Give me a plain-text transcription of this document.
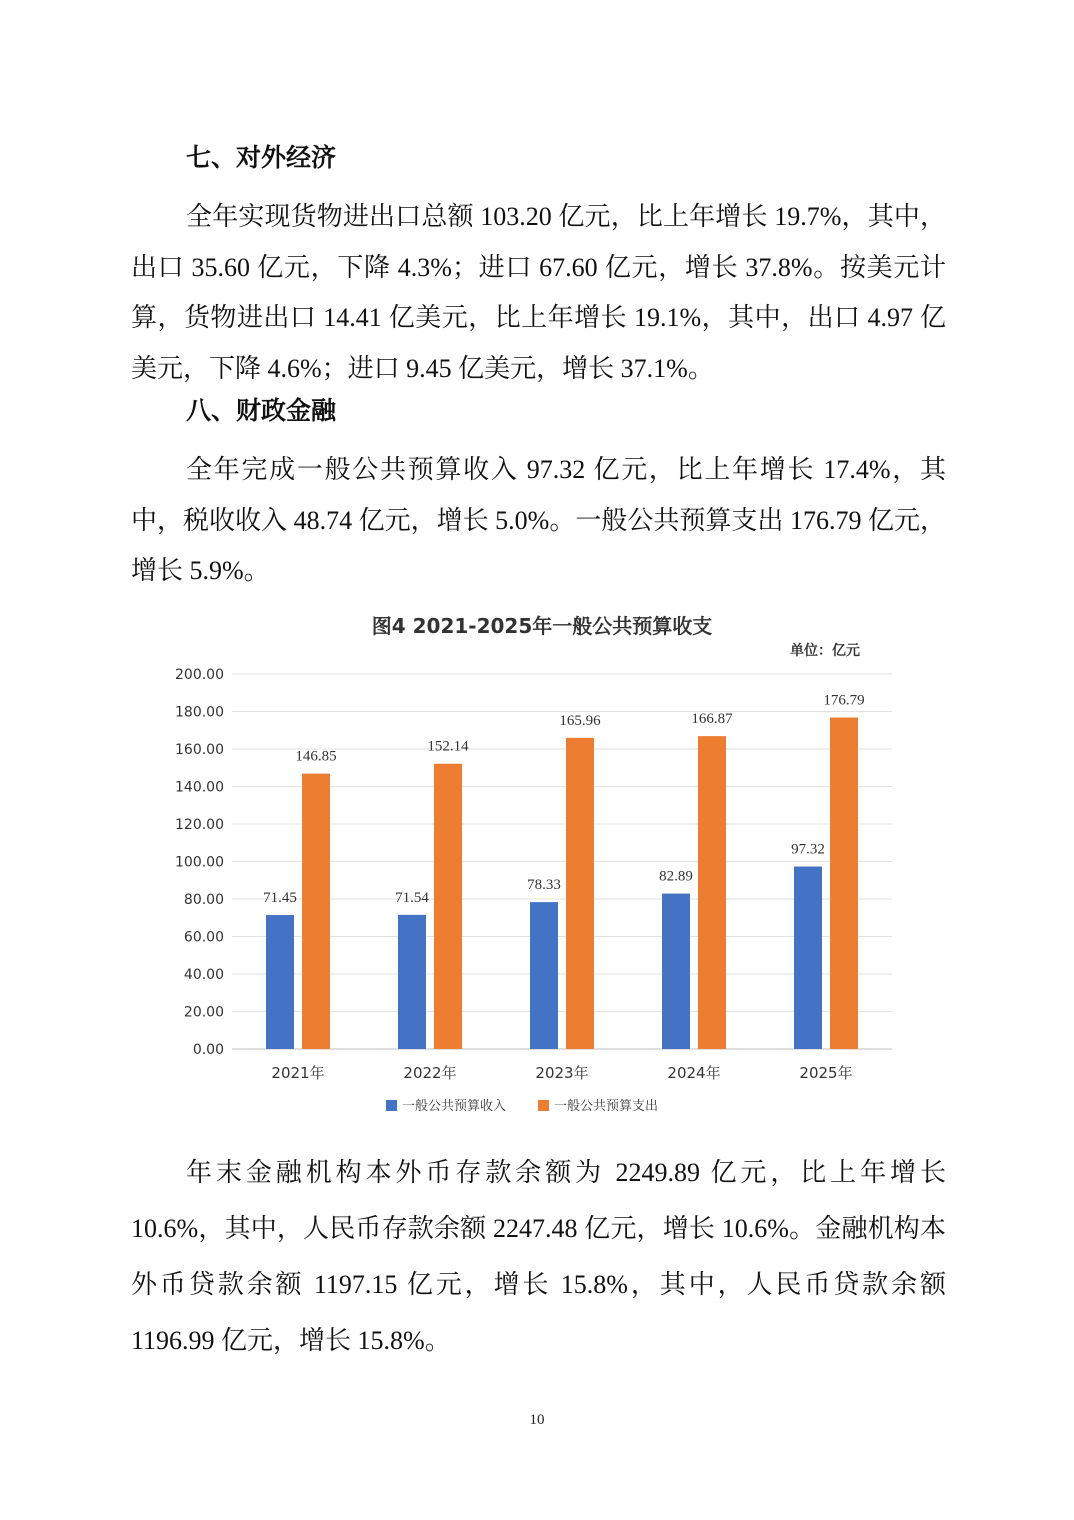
七、对外经济

全年实现货物进出口总额 103.20 亿元，比上年增长 19.7%，其中，出口 35.60 亿元，下降 4.3%；进口 67.60 亿元，增长 37.8%。按美元计算，货物进出口 14.41 亿美元，比上年增长 19.1%，其中，出口 4.97 亿美元，下降 4.6%；进口 9.45 亿美元，增长 37.1%。

八、财政金融

全年完成一般公共预算收入 97.32 亿元，比上年增长 17.4%，其中，税收收入 48.74 亿元，增长 5.0%。一般公共预算支出 176.79 亿元，增长 5.9%。

图4 2021-2025年一般公共预算收支
单位：亿元
0.00
20.00
40.00
60.00
80.00
100.00
120.00
140.00
160.00
180.00
200.00
2021年	2022年	2023年	2024年	2025年
71.45
146.85
71.54
152.14
78.33
165.96
82.89
166.87
97.32
176.79
一般公共预算收入	一般公共预算支出

年末金融机构本外币存款余额为 2249.89 亿元，比上年增长 10.6%，其中，人民币存款余额 2247.48 亿元，增长 10.6%。金融机构本外币贷款余额 1197.15 亿元，增长 15.8%，其中，人民币贷款余额 1196.99 亿元，增长 15.8%。

10
